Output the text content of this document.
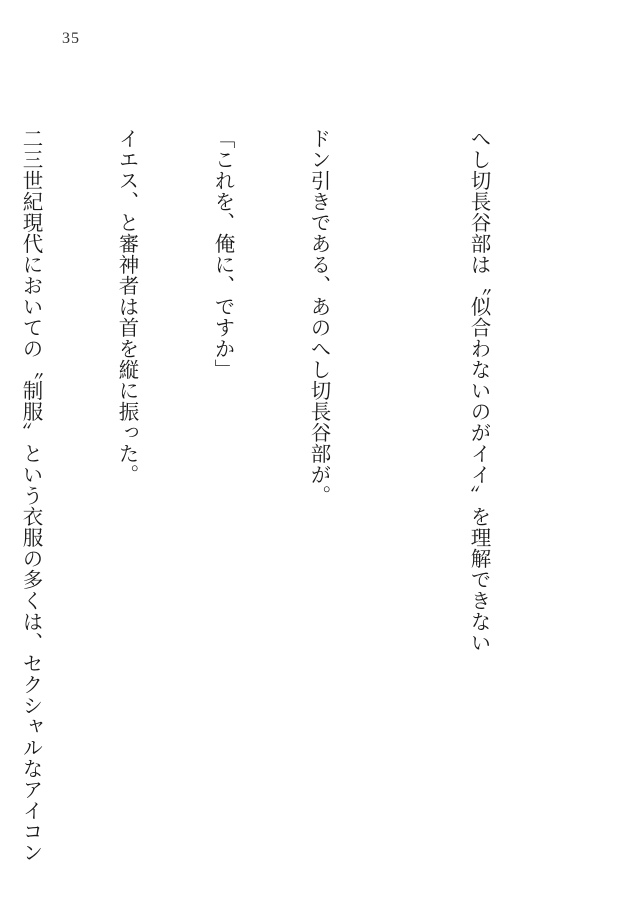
35

へし切長谷部は〝似合わないのがイイ〟を理解できない

ドン引きである、あのへし切長谷部が。

「これを、俺に、ですか」

イエス、と審神者は首を縦に振った。

二三世紀現代においての〝制服〟という衣服の多くは、セクシャルなアイコン
